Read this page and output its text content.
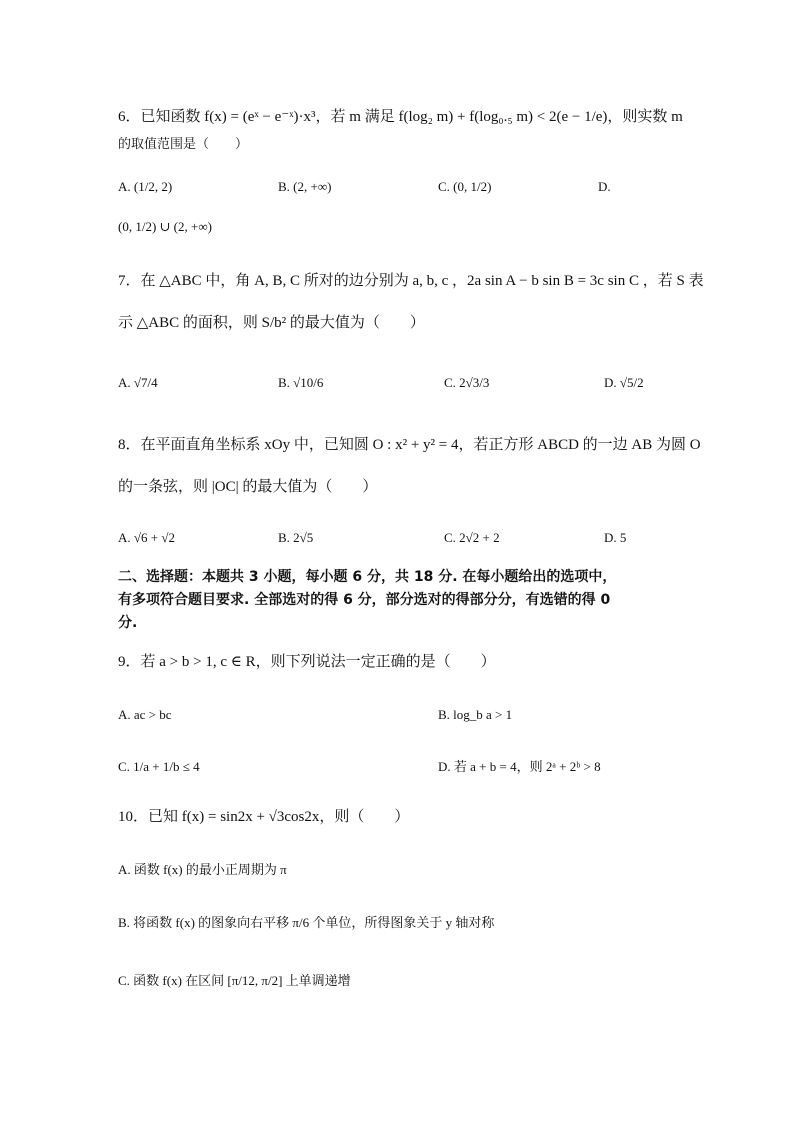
6．已知函数 f(x) = (eˣ − e⁻ˣ)·x³，若 m 满足 f(log₂ m) + f(log₀.₅ m) < 2(e − 1/e)，则实数 m
的取值范围是（　　）
A. (1/2, 2)	B. (2, +∞)	C. (0, 1/2)	D.
(0, 1/2) ∪ (2, +∞)
7．在 △ABC 中，角 A, B, C 所对的边分别为 a, b, c ，2a sin A − b sin B = 3c sin C ，若 S 表
示 △ABC 的面积，则 S/b² 的最大值为（　　）
A. √7/4	B. √10/6	C. 2√3/3	D. √5/2
8．在平面直角坐标系 xOy 中，已知圆 O : x² + y² = 4，若正方形 ABCD 的一边 AB 为圆 O
的一条弦，则 |OC| 的最大值为（　　）
A. √6 + √2	B. 2√5	C. 2√2 + 2	D. 5
二、选择题：本题共 3 小题，每小题 6 分，共 18 分. 在每小题给出的选项中，
有多项符合题目要求. 全部选对的得 6 分，部分选对的得部分分，有选错的得 0
分.
9．若 a > b > 1, c ∈ R，则下列说法一定正确的是（　　）
A. ac > bc	B. log_b a > 1
C. 1/a + 1/b ≤ 4	D. 若 a + b = 4，则 2ᵃ + 2ᵇ > 8
10．已知 f(x) = sin2x + √3cos2x，则（　　）
A. 函数 f(x) 的最小正周期为 π
B. 将函数 f(x) 的图象向右平移 π/6 个单位，所得图象关于 y 轴对称
C. 函数 f(x) 在区间 [π/12, π/2] 上单调递增
